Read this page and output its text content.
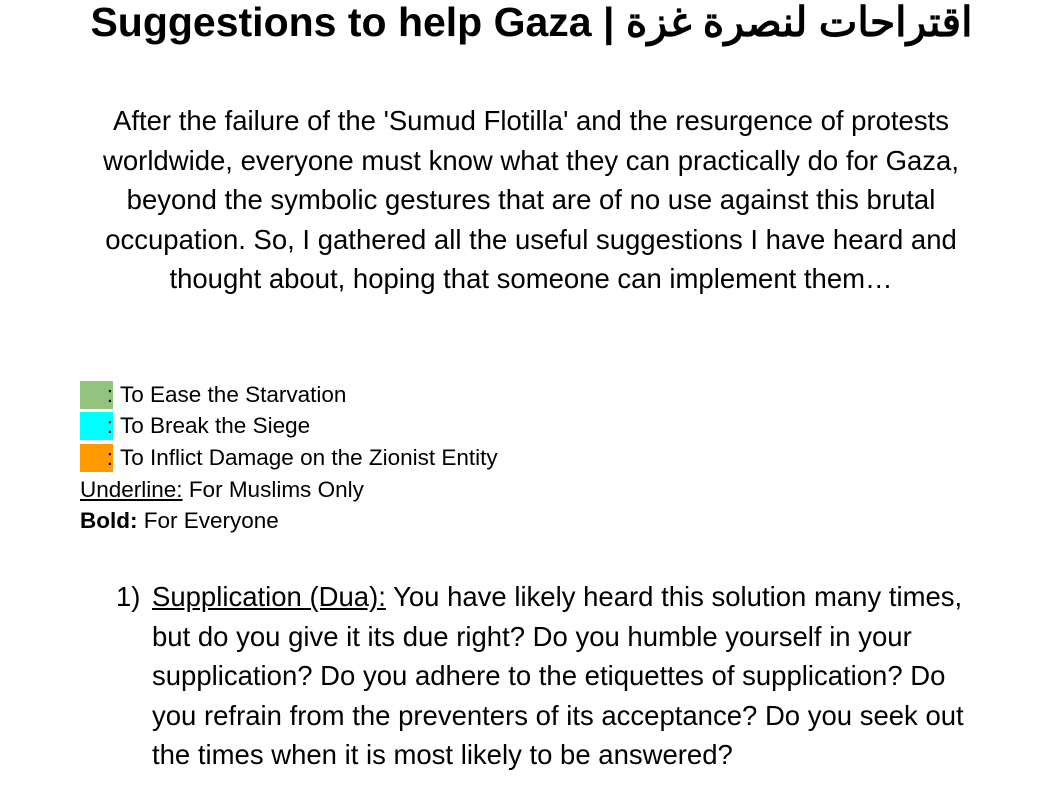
Suggestions to help Gaza | اقتراحات لنصرة غزة

After the failure of the 'Sumud Flotilla' and the resurgence of protests worldwide, everyone must know what they can practically do for Gaza, beyond the symbolic gestures that are of no use against this brutal occupation. So, I gathered all the useful suggestions I have heard and thought about, hoping that someone can implement them…

: To Ease the Starvation
: To Break the Siege
: To Inflict Damage on the Zionist Entity
Underline: For Muslims Only
Bold: For Everyone
1) Supplication (Dua): You have likely heard this solution many times, but do you give it its due right? Do you humble yourself in your supplication? Do you adhere to the etiquettes of supplication? Do you refrain from the preventers of its acceptance? Do you seek out the times when it is most likely to be answered?
